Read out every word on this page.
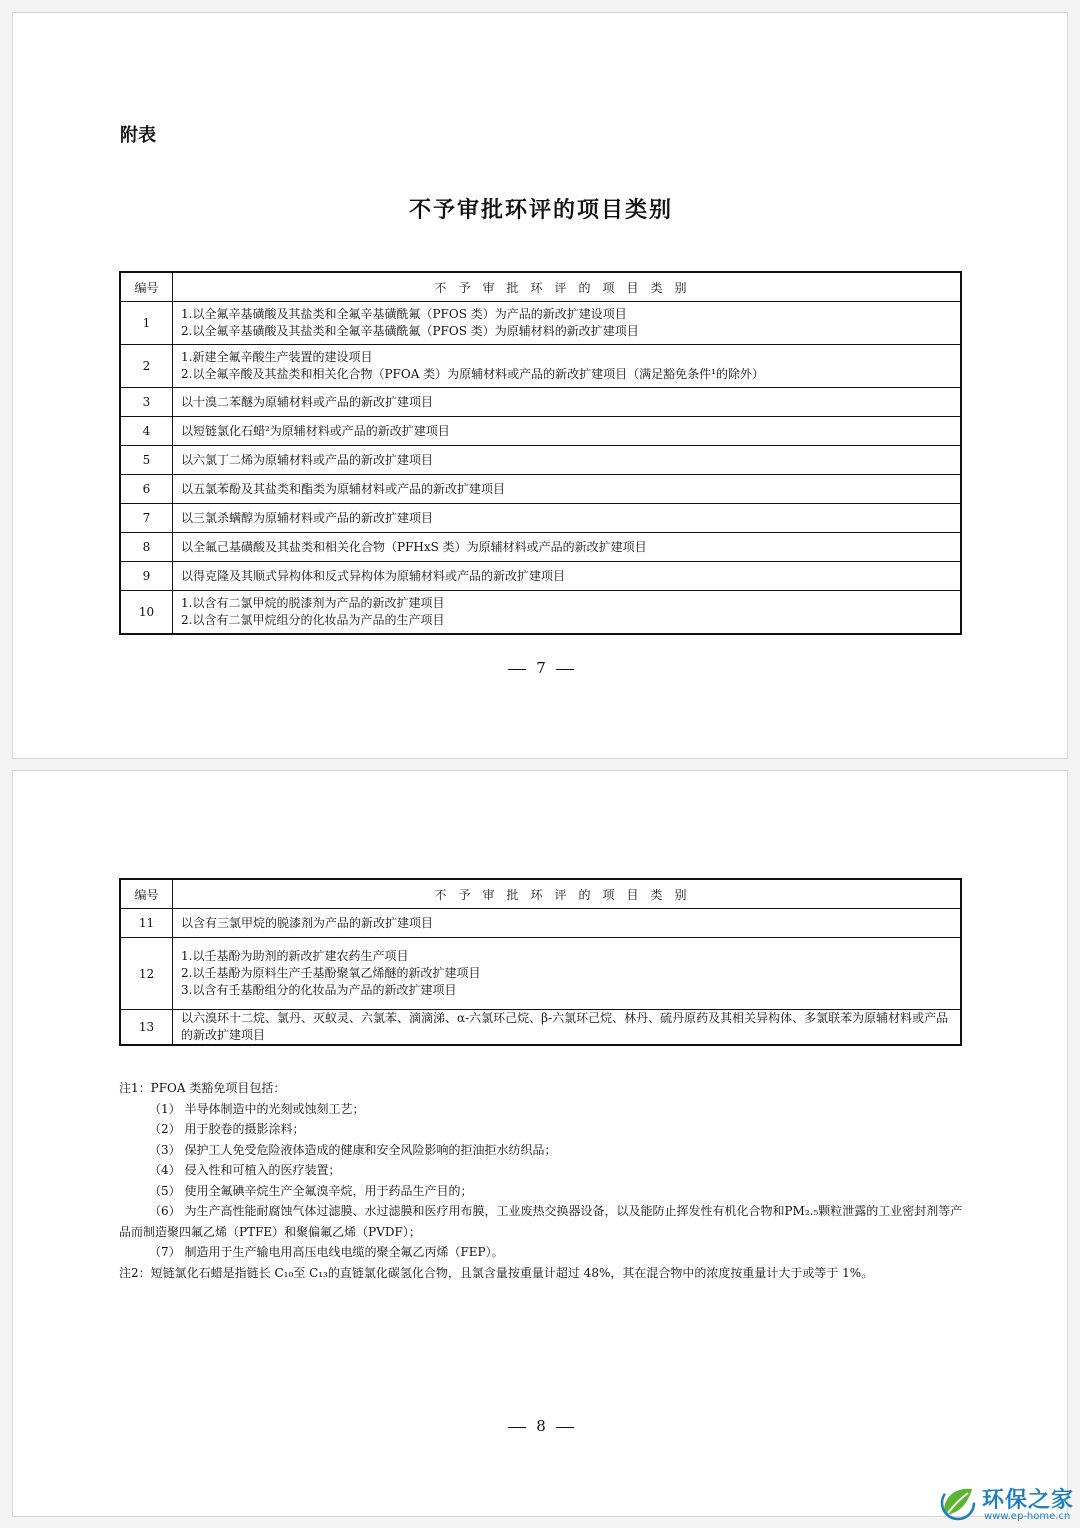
附表
不予审批环评的项目类别
编号	不予审批环评的项目类别
1	1.以全氟辛基磺酸及其盐类和全氟辛基磺酰氟（PFOS 类）为产品的新改扩建设项目
2.以全氟辛基磺酸及其盐类和全氟辛基磺酰氟（PFOS 类）为原辅材料的新改扩建项目

2	1.新建全氟辛酸生产装置的建设项目
2.以全氟辛酸及其盐类和相关化合物（PFOA 类）为原辅材料或产品的新改扩建项目（满足豁免条件¹的除外）

3	以十溴二苯醚为原辅材料或产品的新改扩建项目

4	以短链氯化石蜡²为原辅材料或产品的新改扩建项目

5	以六氯丁二烯为原辅材料或产品的新改扩建项目

6	以五氯苯酚及其盐类和酯类为原辅材料或产品的新改扩建项目

7	以三氯杀螨醇为原辅材料或产品的新改扩建项目

8	以全氟己基磺酸及其盐类和相关化合物（PFHxS 类）为原辅材料或产品的新改扩建项目

9	以得克隆及其顺式异构体和反式异构体为原辅材料或产品的新改扩建项目

10	1.以含有二氯甲烷的脱漆剂为产品的新改扩建项目
2.以含有二氯甲烷组分的化妆品为产品的生产项目
7
编号	不予审批环评的项目类别
11	以含有三氯甲烷的脱漆剂为产品的新改扩建项目

12	1.以壬基酚为助剂的新改扩建农药生产项目
2.以壬基酚为原料生产壬基酚聚氧乙烯醚的新改扩建项目
3.以含有壬基酚组分的化妆品为产品的新改扩建项目

13	以六溴环十二烷、氯丹、灭蚁灵、六氯苯、滴滴涕、α-六氯环己烷、β-六氯环己烷、林丹、硫丹原药及其相关异构体、多氯联苯为原辅材料或产品的新改扩建项目
注1：PFOA 类豁免项目包括：
（1） 半导体制造中的光刻或蚀刻工艺；
（2） 用于胶卷的摄影涂料；
（3） 保护工人免受危险液体造成的健康和安全风险影响的拒油拒水纺织品；
（4） 侵入性和可植入的医疗装置；
（5） 使用全氟碘辛烷生产全氟溴辛烷，用于药品生产目的；
（6） 为生产高性能耐腐蚀气体过滤膜、水过滤膜和医疗用布膜，工业废热交换器设备，以及能防止挥发性有机化合物和PM₂.₅颗粒泄露的工业密封剂等产品而制造聚四氟乙烯（PTFE）和聚偏氟乙烯（PVDF）；
（7） 制造用于生产输电用高压电线电缆的聚全氟乙丙烯（FEP）。
注2：短链氯化石蜡是指链长 C₁₀至 C₁₃的直链氯化碳氢化合物，且氯含量按重量计超过 48%，其在混合物中的浓度按重量计大于或等于 1%。
8
环保之家
www.ep-home.cn
